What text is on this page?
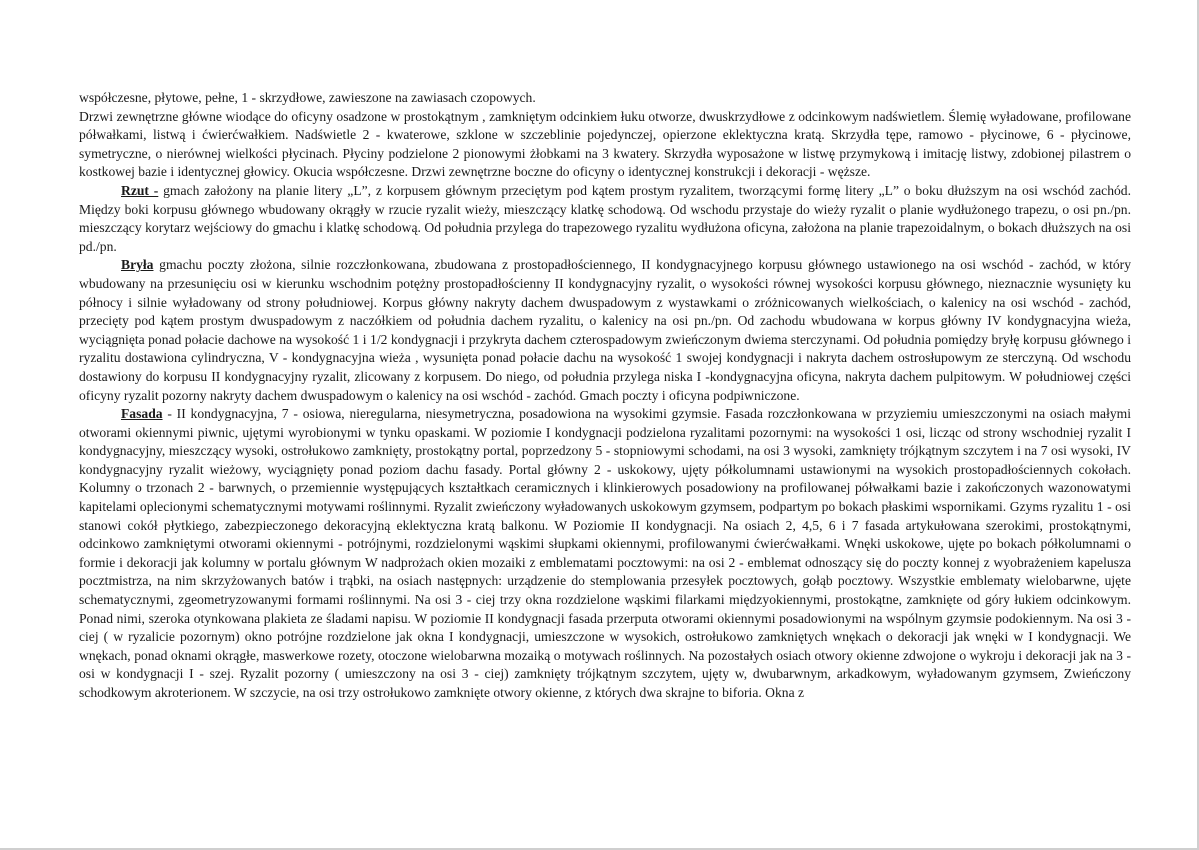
współczesne, płytowe, pełne, 1 - skrzydłowe, zawieszone na zawiasach czopowych.

Drzwi zewnętrzne główne wiodące do oficyny osadzone w prostokątnym , zamkniętym odcinkiem łuku otworze, dwuskrzydłowe z odcinkowym nadświetlem. Ślemię wyładowane, profilowane półwałkami, listwą i ćwierćwałkiem. Nadświetle 2 - kwaterowe, szklone w szczeblinie pojedynczej, opierzone eklektyczna kratą. Skrzydła tępe, ramowo - płycinowe, 6 - płycinowe, symetryczne, o nierównej wielkości płycinach. Płyciny podzielone 2 pionowymi żłobkami na 3 kwatery. Skrzydła wyposażone w listwę przymykową i imitację listwy, zdobionej pilastrem o kostkowej bazie i identycznej głowicy. Okucia współczesne. Drzwi zewnętrzne boczne do oficyny o identycznej konstrukcji i dekoracji - węższe.

Rzut - gmach założony na planie litery „L”, z korpusem głównym przeciętym pod kątem prostym ryzalitem, tworzącymi formę litery „L” o boku dłuższym na osi wschód zachód. Między boki korpusu głównego wbudowany okrągły w rzucie ryzalit wieży, mieszczący klatkę schodową. Od wschodu przystaje do wieży ryzalit o planie wydłużonego trapezu, o osi pn./pn. mieszczący korytarz wejściowy do gmachu i klatkę schodową. Od południa przylega do trapezowego ryzalitu wydłużona oficyna, założona na planie trapezoidalnym, o bokach dłuższych na osi pd./pn.

Bryła gmachu poczty złożona, silnie rozczłonkowana, zbudowana z prostopadłościennego, II kondygnacyjnego korpusu głównego ustawionego na osi wschód - zachód, w który wbudowany na przesunięciu osi w kierunku wschodnim potężny prostopadłościenny II kondygnacyjny ryzalit, o wysokości równej wysokości korpusu głównego, nieznacznie wysunięty ku północy i silnie wyładowany od strony południowej. Korpus główny nakryty dachem dwuspadowym z wystawkami o zróżnicowanych wielkościach, o kalenicy na osi wschód - zachód, przecięty pod kątem prostym dwuspadowym z naczółkiem od południa dachem ryzalitu, o kalenicy na osi pn./pn. Od zachodu wbudowana w korpus główny IV kondygnacyjna wieża, wyciągnięta ponad połacie dachowe na wysokość 1 i 1/2 kondygnacji i przykryta dachem czterospadowym zwieńczonym dwiema sterczynami. Od południa pomiędzy bryłę korpusu głównego i ryzalitu dostawiona cylindryczna, V - kondygnacyjna wieża , wysunięta ponad połacie dachu na wysokość 1 swojej kondygnacji i nakryta dachem ostrosłupowym ze sterczyną. Od wschodu dostawiony do korpusu II kondygnacyjny ryzalit, zlicowany z korpusem. Do niego, od południa przylega niska I -kondygnacyjna oficyna, nakryta dachem pulpitowym. W południowej części oficyny ryzalit pozorny nakryty dachem dwuspadowym o kalenicy na osi wschód - zachód. Gmach poczty i oficyna podpiwniczone.

Fasada - II kondygnacyjna, 7 - osiowa, nieregularna, niesymetryczna, posadowiona na wysokimi gzymsie. Fasada rozczłonkowana w przyziemiu umieszczonymi na osiach małymi otworami okiennymi piwnic, ujętymi wyrobionymi w tynku opaskami. W poziomie I kondygnacji podzielona ryzalitami pozornymi: na wysokości 1 osi, licząc od strony wschodniej ryzalit I kondygnacyjny, mieszczący wysoki, ostrołukowo zamknięty, prostokątny portal, poprzedzony 5 - stopniowymi schodami, na osi 3 wysoki, zamknięty trójkątnym szczytem i na 7 osi wysoki, IV kondygnacyjny ryzalit wieżowy, wyciągnięty ponad poziom dachu fasady. Portal główny 2 - uskokowy, ujęty półkolumnami ustawionymi na wysokich prostopadłościennych cokołach. Kolumny o trzonach 2 - barwnych, o przemiennie występujących kształtkach ceramicznych i klinkierowych posadowiony na profilowanej półwałkami bazie i zakończonych wazonowatymi kapitelami oplecionymi schematycznymi motywami roślinnymi. Ryzalit zwieńczony wyładowanych uskokowym gzymsem, podpartym po bokach płaskimi wspornikami. Gzyms ryzalitu 1 - osi stanowi cokół płytkiego, zabezpieczonego dekoracyjną eklektyczna kratą balkonu. W Poziomie II kondygnacji. Na osiach 2, 4,5, 6 i 7 fasada artykułowana szerokimi, prostokątnymi, odcinkowo zamkniętymi otworami okiennymi - potrójnymi, rozdzielonymi wąskimi słupkami okiennymi, profilowanymi ćwierćwałkami. Wnęki uskokowe, ujęte po bokach półkolumnami o formie i dekoracji jak kolumny w portalu głównym W nadprożach okien mozaiki z emblematami pocztowymi: na osi 2 - emblemat odnoszący się do poczty konnej z wyobrażeniem kapelusza pocztmistrza, na nim skrzyżowanych batów i trąbki, na osiach następnych: urządzenie do stemplowania przesyłek pocztowych, gołąb pocztowy. Wszystkie emblematy wielobarwne, ujęte schematycznymi, zgeometryzowanymi formami roślinnymi. Na osi 3 - ciej trzy okna rozdzielone wąskimi filarkami międzyokiennymi, prostokątne, zamknięte od góry łukiem odcinkowym. Ponad nimi, szeroka otynkowana plakieta ze śladami napisu. W poziomie II kondygnacji fasada przerputa otworami okiennymi posadowionymi na wspólnym gzymsie podokiennym. Na osi 3 - ciej ( w ryzalicie pozornym) okno potrójne rozdzielone jak okna I kondygnacji, umieszczone w wysokich, ostrołukowo zamkniętych wnękach o dekoracji jak wnęki w I kondygnacji. We wnękach, ponad oknami okrągłe, maswerkowe rozety, otoczone wielobarwna mozaiką o motywach roślinnych. Na pozostałych osiach otwory okienne zdwojone o wykroju i dekoracji jak na 3 - osi w kondygnacji I - szej. Ryzalit pozorny ( umieszczony na osi 3 - ciej) zamknięty trójkątnym szczytem, ujęty w, dwubarwnym, arkadkowym, wyładowanym gzymsem, Zwieńczony schodkowym akroterionem. W szczycie, na osi trzy ostrołukowo zamknięte otwory okienne, z których dwa skrajne to biforia. Okna z
